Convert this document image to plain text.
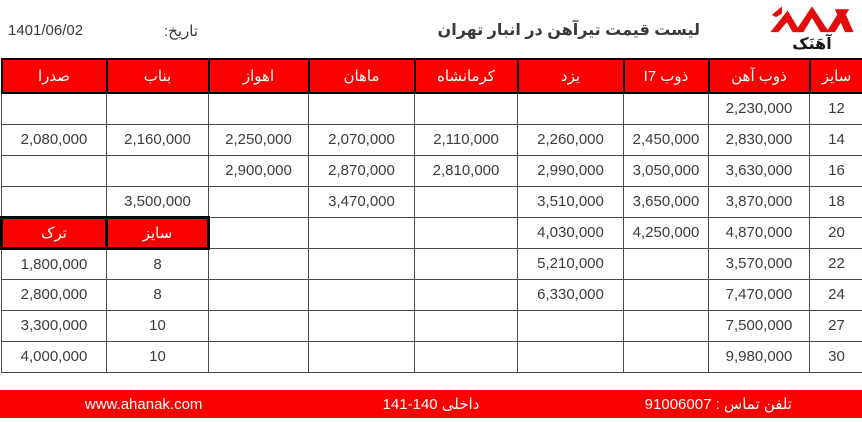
تاریخ:
1401/06/02	لیست قیمت تیرآهن در انبار تهران
آهَنَک
سایز	ذوب آهن	ذوب I7	یزد	کرمانشاه	ماهان	اهواز	بناب	صدرا
12	2,230,000							
14	2,830,000	2,450,000	2,260,000	2,110,000	2,070,000	2,250,000	2,160,000	2,080,000
16	3,630,000	3,050,000	2,990,000	2,810,000	2,870,000	2,900,000		
18	3,870,000	3,650,000	3,510,000		3,470,000		3,500,000	
20	4,870,000	4,250,000	4,030,000				سایز	ترک
22	3,570,000		5,210,000				8	1,800,000
24	7,470,000		6,330,000				8	2,800,000
27	7,500,000						10	3,300,000
30	9,980,000						10	4,000,000
www.ahanak.com	داخلی 140-141	تلفن تماس : 91006007
